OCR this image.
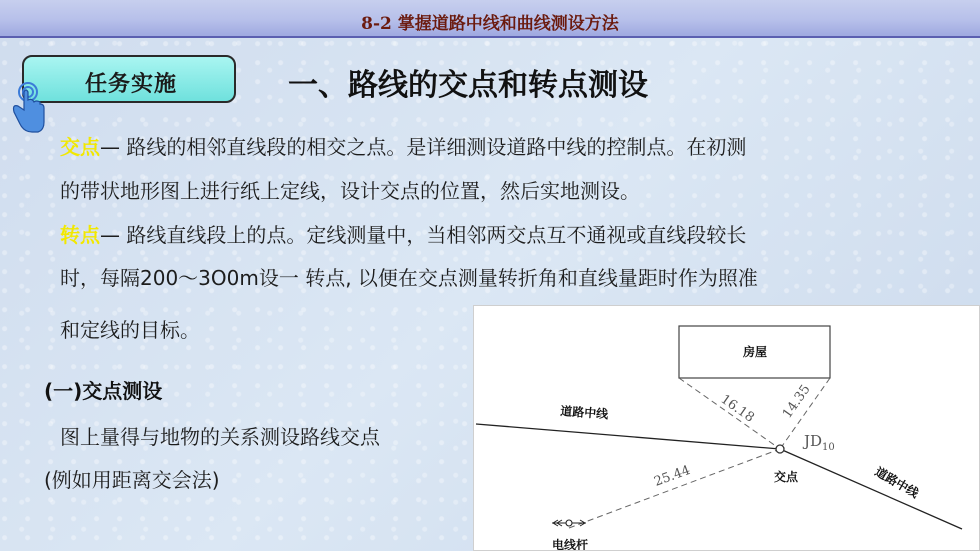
8-2 掌握道路中线和曲线测设方法
任务实施	一、路线的交点和转点测设
交点— 路线的相邻直线段的相交之点。是详细测设道路中线的控制点。在初测
的带状地形图上进行纸上定线，设计交点的位置，然后实地测设。
转点— 路线直线段上的点。定线测量中，当相邻两交点互不通视或直线段较长
时，每隔200～3O0m设一 转点, 以便在交点测量转折角和直线量距时作为照准
和定线的目标。
(一)交点测设
图上量得与地物的关系测设路线交点
(例如用距离交会法)
房屋
16.18 14.35
25.44
道路中线
道路中线
$JD_{10}$
交点
电线杆
